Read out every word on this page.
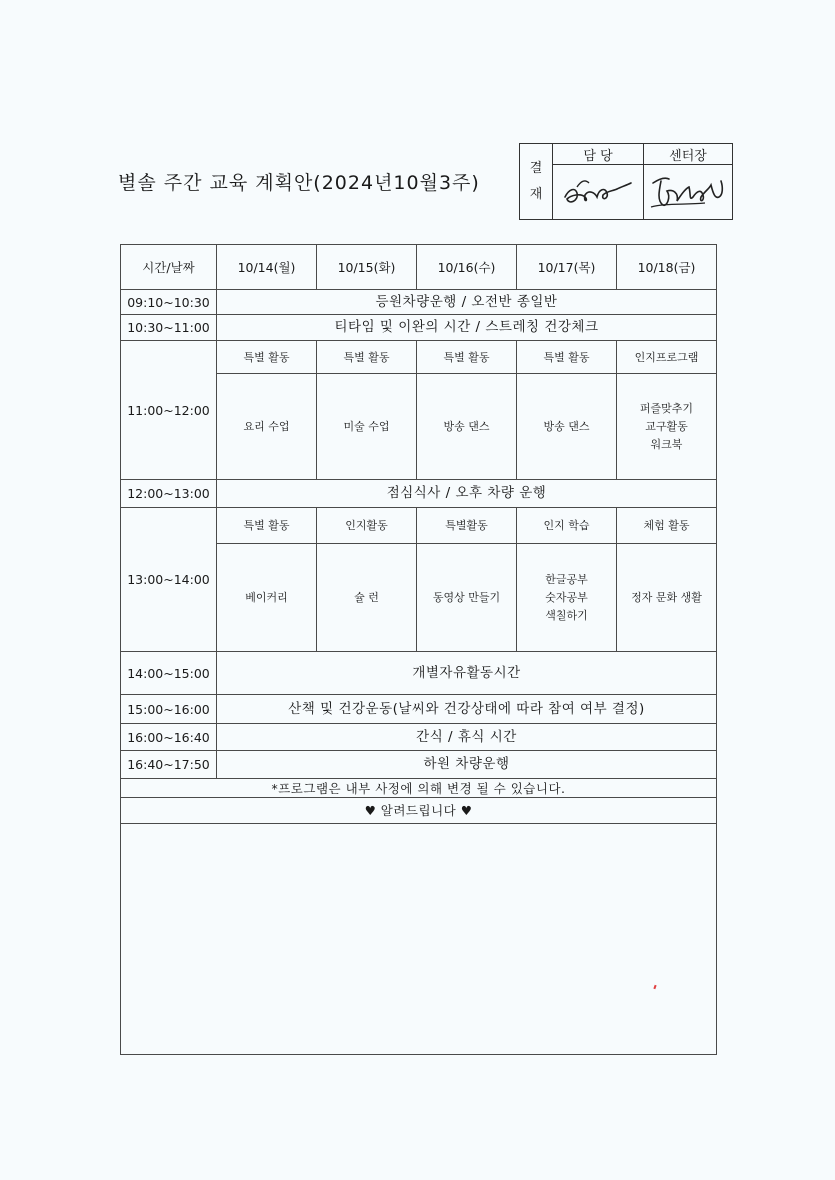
별솔 주간 교육 계획안(2024년10월3주)
결
재	담 당	센터장

시간/날짜	10/14(월)	10/15(화)	10/16(수)	10/17(목)	10/18(금)
09:10~10:30	등원차량운행 / 오전반 종일반				
10:30~11:00	티타임 및 이완의 시간 / 스트레칭 건강체크				
11:00~12:00	특별 활동	특별 활동	특별 활동	특별 활동	인지프로그램
	요리 수업	미술 수업	방송 댄스	방송 댄스	퍼즐맞추기
교구활동
워크북

12:00~13:00	점심식사 / 오후 차량 운행				
13:00~14:00	특별 활동	인지활동	특별활동	인지 학습	체험 활동
	베이커리	슐 런	동영상 만들기	한글공부
숫자공부
색칠하기	정자 문화 생활
14:00~15:00	개별자유활동시간				
15:00~16:00	산책 및 건강운동(날씨와 건강상태에 따라 참여 여부 결정)				
16:00~16:40	간식 / 휴식 시간				
16:40~17:50	하원 차량운행				
*프로그램은 내부 사정에 의해 변경 될 수 있습니다.					
♥ 알려드립니다 ♥					
